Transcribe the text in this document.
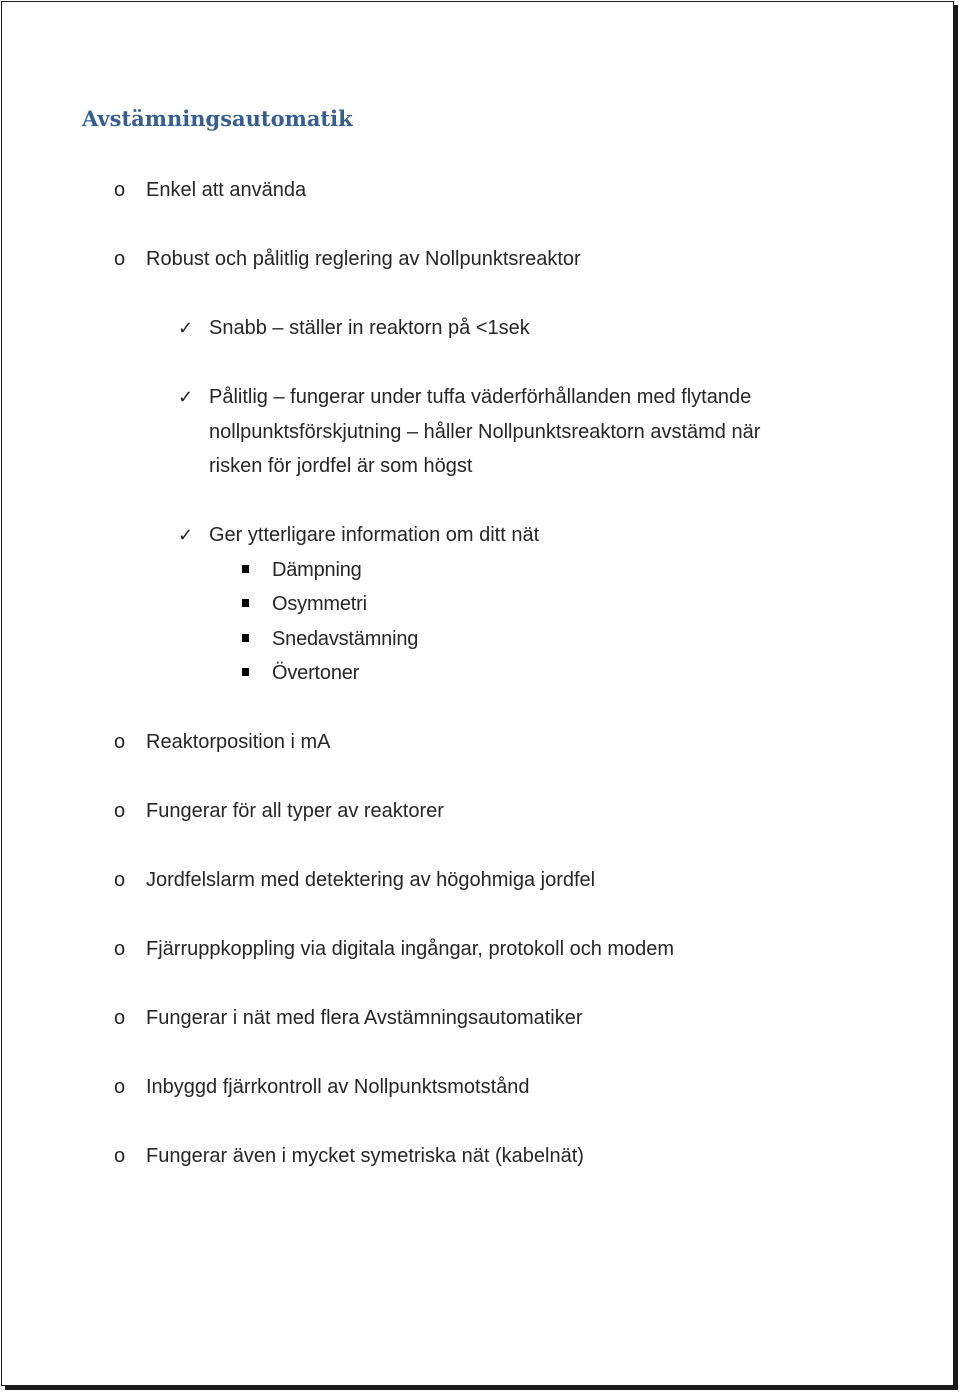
Avstämningsautomatik
o Enkel att använda
o Robust och pålitlig reglering av Nollpunktsreaktor
✓ Snabb – ställer in reaktorn på <1sek
✓ Pålitlig – fungerar under tuffa väderförhållanden med flytande
nollpunktsförskjutning – håller Nollpunktsreaktorn avstämd när
risken för jordfel är som högst
✓ Ger ytterligare information om ditt nät
Dämpning
Osymmetri
Snedavstämning
Övertoner
o Reaktorposition i mA
o Fungerar för all typer av reaktorer
o Jordfelslarm med detektering av högohmiga jordfel
o Fjärruppkoppling via digitala ingångar, protokoll och modem
o Fungerar i nät med flera Avstämningsautomatiker
o Inbyggd fjärrkontroll av Nollpunktsmotstånd
o Fungerar även i mycket symetriska nät (kabelnät)
